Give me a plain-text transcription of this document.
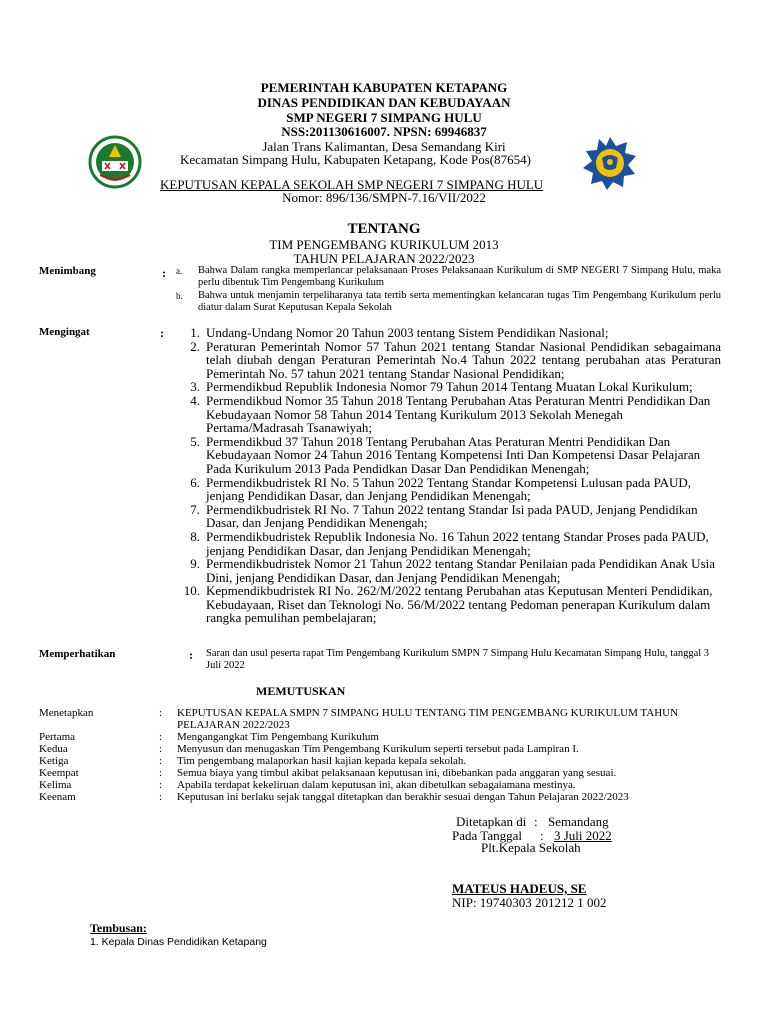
PEMERINTAH KABUPATEN KETAPANG
DINAS PENDIDIKAN DAN KEBUDAYAAN
SMP NEGERI 7 SIMPANG HULU
NSS:201130616007. NPSN: 69946837
Jalan Trans Kalimantan, Desa Semandang Kiri
Kecamatan Simpang Hulu, Kabupaten Ketapang, Kode Pos(87654)
KEPUTUSAN KEPALA SEKOLAH SMP NEGERI 7 SIMPANG HULU
Nomor: 896/136/SMPN-7.16/VII/2022
TENTANG
TIM PENGEMBANG KURIKULUM 2013
TAHUN PELAJARAN 2022/2023
Menimbang	: a.	Bahwa Dalam rangka memperlancar pelaksanaan Proses Pelaksanaan Kurikulum di SMP NEGERI 7 Simpang Hulu, maka perlu dibentuk Tim Pengembang Kurikulum
b.	Bahwa untuk menjamin terpeliharanya tata tertib serta mementingkan kelancaran tugas Tim Pengembang Kurikulum perlu diatur dalam Surat Keputusan Kepala Sekolah
Mengingat	:	1. Undang-Undang Nomor 20 Tahun 2003 tentang Sistem Pendidikan Nasional;
2. Peraturan Pemerintah Nomor 57 Tahun 2021 tentang Standar Nasional Pendidikan sebagaimana telah diubah dengan Peraturan Pemerintah No.4 Tahun 2022 tentang perubahan atas Peraturan Pemerintah No. 57 tahun 2021 tentang Standar Nasional Pendidikan;
3. Permendikbud Republik Indonesia Nomor 79 Tahun 2014 Tentang Muatan Lokal Kurikulum;
4. Permendikbud Nomor 35 Tahun 2018 Tentang Perubahan Atas Peraturan Mentri Pendidikan Dan Kebudayaan Nomor 58 Tahun 2014 Tentang Kurikulum 2013 Sekolah Menegah Pertama/Madrasah Tsanawiyah;
5. Permendikbud 37 Tahun 2018 Tentang Perubahan Atas Peraturan Mentri Pendidikan Dan Kebudayaan Nomor 24 Tahun 2016 Tentang Kompetensi Inti Dan Kompetensi Dasar Pelajaran Pada Kurikulum 2013 Pada Pendidkan Dasar Dan Pendidikan Menengah;
6. Permendikbudristek RI No. 5 Tahun 2022 Tentang Standar Kompetensi Lulusan pada PAUD, jenjang Pendidikan Dasar, dan Jenjang Pendidikan Menengah;
7. Permendikbudristek RI No. 7 Tahun 2022 tentang Standar Isi pada PAUD, Jenjang Pendidikan Dasar, dan Jenjang Pendidikan Menengah;
8. Permendikbudristek Republik Indonesia No. 16 Tahun 2022 tentang Standar Proses pada PAUD, jenjang Pendidikan Dasar, dan Jenjang Pendidikan Menengah;
9. Permendikbudristek Nomor 21 Tahun 2022 tentang Standar Penilaian pada Pendidikan Anak Usia Dini, jenjang Pendidikan Dasar, dan Jenjang Pendidikan Menengah;
10. Kepmendikbudristek RI No. 262/M/2022 tentang Perubahan atas Keputusan Menteri Pendidikan, Kebudayaan, Riset dan Teknologi No. 56/M/2022 tentang Pedoman penerapan Kurikulum dalam rangka pemulihan pembelajaran;
Memperhatikan	: Saran dan usul peserta rapat Tim Pengembang Kurikulum SMPN 7 Simpang Hulu Kecamatan Simpang Hulu, tanggal 3 Juli 2022
MEMUTUSKAN
Menetapkan	:	KEPUTUSAN KEPALA SMPN 7 SIMPANG HULU TENTANG TIM PENGEMBANG KURIKULUM TAHUN PELAJARAN 2022/2023
Pertama	:	Mengangangkat Tim Pengembang Kurikulum
Kedua	:	Menyusun dan menugaskan Tim Pengembang Kurikulum seperti tersebut pada Lampiran I.
Ketiga	:	Tim pengembang malaporkan hasil kajian kepada kepala sekolah.
Keempat	:	Semua biaya yang timbul akibat pelaksanaan keputusan ini, dibebankan pada anggaran yang sesuai.
Kelima	:	Apabila terdapat kekeliruan dalam keputusan ini, akan dibetulkan sebagaiamana mestinya.
Keenam	:	Keputusan ini berlaku sejak tanggal ditetapkan dan berakhir sesuai dengan Tahun Pelajaran 2022/2023
Ditetapkan di : Semandang
Pada Tanggal : 3 Juli 2022
Plt.Kepala Sekolah
MATEUS HADEUS, SE
NIP: 19740303 201212 1 002
Tembusan:
1. Kepala Dinas Pendidikan Ketapang
